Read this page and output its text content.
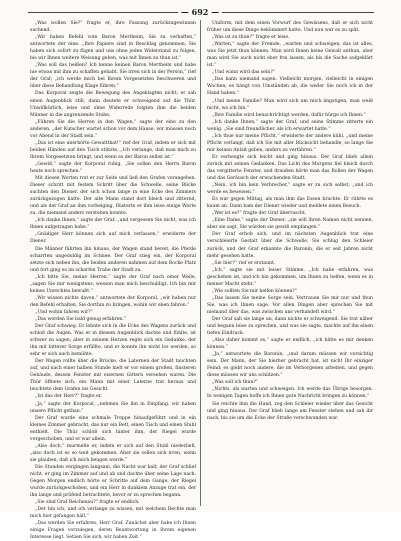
— 692 —

„Was wollen Sie?“ fragte er, ihre Fassung zurückzugewinnen suchend.

„Wir haben Befehl vom Baron Mertheim, Sie zu verhaften,“ antwortete der eine. „Ihre Papiere sind in Beschlag genommen, Sie haben sich sofort zu fügen und uns ohne jeden Widerstand zu folgen, bis wir Ihnen weitere Weisung geben, was mit Ihnen zu thun ist.“

„Was soll das heißen? Ich kenne keinen Baron Mertheim und habe nie etwas mit ihm zu schaffen gehabt. Sie irren sich in der Person,“ rief der Graf; „ich werde mich bei Ihrem Vorgesetzten beschweren und über diese Behandlung Klage führen.“

Das Korporal zeigte die Bewegung des Angeklagten nicht; er sah einen Augenblick still, dann deutete er schweigend auf die Thür. Unwillkürlich, leise und ohne Widerrede folgten ihm die beiden Männer in die angrenzende Stube.

„Führen Sie die Herren in den Wagen,“ sagte der eine zu den anderen, „der Kutscher wartet schon vor dem Hause, wir müssen noch vor Abend in der Stadt sein.“

„Das ist eine unerhörte Gewaltthat!“ rief der Graf, indem er sich mit beiden Händen auf den Tisch stützte. „Ich verlange, daß man mich zu Ihrem Vorgesetzten bringt, und wenn es der Baron selbst ist.“

„Gewiß,“ sagte der Korporal ruhig, „Sie sollen den Herrn Baron heute noch sprechen.“

Mit diesen Worten trat er zur Seite und ließ den Grafen vorangehen. Dieser schritt mit festem Schritt über die Schwelle, seine Blicke suchten den Diener, der sich schon lange in eine Ecke des Zimmers zurückgezogen hatte. Der alte Mann stand dort bleich und zitternd, und als der Graf an ihm vorbeiging, flüsterte er ihm leise einige Worte zu, die niemand anders verstehen konnte.

„Ich danke Ihnen,“ sagte der Graf, „und vergessen Sie nicht, was ich Ihnen aufgetragen habe.“

„Gnädiger Herr können sich auf mich verlassen,“ erwiderte der Diener.

Die Männer führten ihn hinaus, der Wagen stand bereit, die Pferde scharrten ungeduldig im Schnee. Der Graf stieg ein, der Korporal setzte sich neben ihn, die beiden anderen nahmen auf dem Bocke Platz und fort ging es im scharfen Trabe der Stadt zu.

„Ich bitte Sie, meine Herren,“ sagte der Graf nach einer Weile, „sagen Sie mir wenigstens, wessen man mich beschuldigt. Ich bin mir keines Unrechtes bewußt.“

„Wir wissen nichts davon,“ antwortete der Korporal, „wir haben nur den Befehl erhalten, Sie dorthin zu bringen, wohin wir eben fahren.“

„Und wohin fahren wir?“

„Das werden Sie bald genug erfahren.“

Der Graf schwieg. Er lehnte sich in die Ecke des Wagens zurück und schloß die Augen. Was er in diesem Augenblick dachte und fühlte, ist schwer zu sagen; aber in seinem Herzen regte sich ein Gedanke, der ihn mit bitterer Sorge erfüllte, und er konnte ihn nicht los werden, so sehr er sich auch bemühte.

Der Wagen rollte über die Brücke, die Laternen der Stadt tauchten auf, und nach einer halben Stunde hielt er vor einem großen, finsteren Gebäude, dessen Fenster mit eisernen Gittern versehen waren. Die Thür öffnete sich, ein Mann mit einer Laterne trat heraus und leuchtete dem Grafen ins Gesicht.

„Ist das der Herr?“ fragte er.

„Ja,“ sagte der Korporal, „nehmen Sie ihn in Empfang, wir haben unsere Pflicht gethan.“

Der Graf wurde eine schmale Treppe hinaufgeführt und in ein kleines Zimmer gebracht, das nur ein Bett, einen Tisch und einen Stuhl enthielt. Die Thür schloß sich hinter ihm, der Riegel wurde vorgeschoben, und er war allein.

„Also doch,“ murmelte er, indem er sich auf den Stuhl niederließ, „also doch ist es so weit gekommen. Aber sie sollen sich irren, wenn sie glauben, daß ich mich beugen werde.“

Die Stunden vergingen langsam, die Nacht war kalt, der Graf schlief nicht, er ging im Zimmer auf und ab und dachte über seine Lage nach. Gegen Morgen endlich hörte er Schritte auf dem Gange, der Riegel wurde zurückgeschoben, und ein Herr in dunklem Anzuge trat ein, der ihn lange und prüfend betrachtete, bevor er zu sprechen begann.

„Sie sind Graf Reichenau?“ fragte er endlich.

„Der bin ich, und ich verlange zu wissen, mit welchem Rechte man mich hier gefangen hält.“

„Das werden Sie erfahren, Herr Graf. Zunächst aber habe ich Ihnen einige Fragen vorzulegen, deren Beantwortung in Ihrem eigenen Interesse liegt. Setzen Sie sich, wir haben Zeit.“

Uniform, mit dem einen Vorwurf des Gewissens, daß er sich nicht früher um diese Dinge bekümmert hatte. Und nun war es zu spät.

„Was ist zu thun?“ fragte er leise.

„Warten,“ sagte der Fremde, „warten und schweigen, das ist alles, was Sie jetzt thun können. Man wird Ihnen keine Gewalt anthun, aber man wird Sie auch nicht eher frei lassen, als bis die Sache aufgeklärt ist.“

„Und wann wird das sein?“

„Das kann niemand sagen. Vielleicht morgen, vielleicht in einigen Wochen; es hängt von Umständen ab, die weder Sie noch ich in der Hand haben.“

„Und meine Familie? Man wird sich um mich ängstigen, man weiß nicht, wo ich bin.“

„Ihre Familie wird benachrichtigt werden, dafür bürge ich Ihnen.“

„Ich danke Ihnen,“ sagte der Graf, und seine Stimme zitterte ein wenig. „Sie sind freundlicher, als ich erwartet hatte.“

„Ich thue nur meine Pflicht,“ erwiderte der andere kühl, „und meine Pflicht verlangt, daß ich Sie mit aller Rücksicht behandle, so lange Sie mir keinen Anlaß geben, anders zu verfahren.“

Er verbeugte sich leicht und ging hinaus. Der Graf blieb allein zurück mit seinen Gedanken. Das Licht des Morgens fiel bleich durch das vergitterte Fenster, und draußen hörte man das Rollen der Wagen und das Geräusch der erwachenden Stadt.

„Nein, ich bin kein Verbrecher,“ sagte er zu sich selbst, „und ich werde es beweisen.“

Es war gegen Mittag, als man ihm das Essen brachte. Er rührte es kaum an. Dann kam der Diener wieder und meldete einen Besuch.

„Wer ist es?“ fragte der Graf überrascht.

„Eine Dame,“ sagte der Diener, „sie will ihren Namen nicht nennen, aber sie sagt, Sie würden sie gewiß empfangen.“

Der Graf erhob sich, und im nächsten Augenblick trat eine verschleierte Gestalt über die Schwelle. Sie schlug den Schleier zurück, und der Graf erkannte die Baronin, die er seit Jahren nicht mehr gesehen hatte.

„Sie hier?“ rief er erstaunt.

„Ich,“ sagte sie mit leiser Stimme. „Ich habe erfahren, was geschehen ist, und ich bin gekommen, um Ihnen zu helfen, wenn es in meiner Macht steht.“

„Wie sollten Sie mir helfen können?“

„Das lassen Sie meine Sorge sein. Vertrauen Sie mir nur und thun Sie, was ich Ihnen sage. Vor allen Dingen aber sprechen Sie mit niemand über das, was zwischen uns verhandelt wird.“

Der Graf sah sie lange an, dann nickte er schweigend. Sie trat näher und begann leise zu sprechen, und was sie sagte, machte auf ihn einen tiefen Eindruck.

„Also daher kommt es,“ sagte er endlich, „ich hätte es mir denken können.“

„Ja,“ antwortete die Baronin, „und darum müssen wir vorsichtig sein. Der Mann, der Sie hierher gebracht hat, ist nicht Ihr einziger Feind; es giebt noch andere, die im Verborgenen arbeiten, und gegen diese müssen wir uns schützen.“

„Was soll ich thun?“

„Nichts, als warten und schweigen. Ich werde das Übrige besorgen. In wenigen Tagen hoffe ich Ihnen gute Nachricht bringen zu können.“

Sie reichte ihm die Hand, zog den Schleier wieder über das Gesicht und ging hinaus. Der Graf blieb lange am Fenster stehen und sah ihr nach, bis sie um die Ecke der Straße verschwunden war.
